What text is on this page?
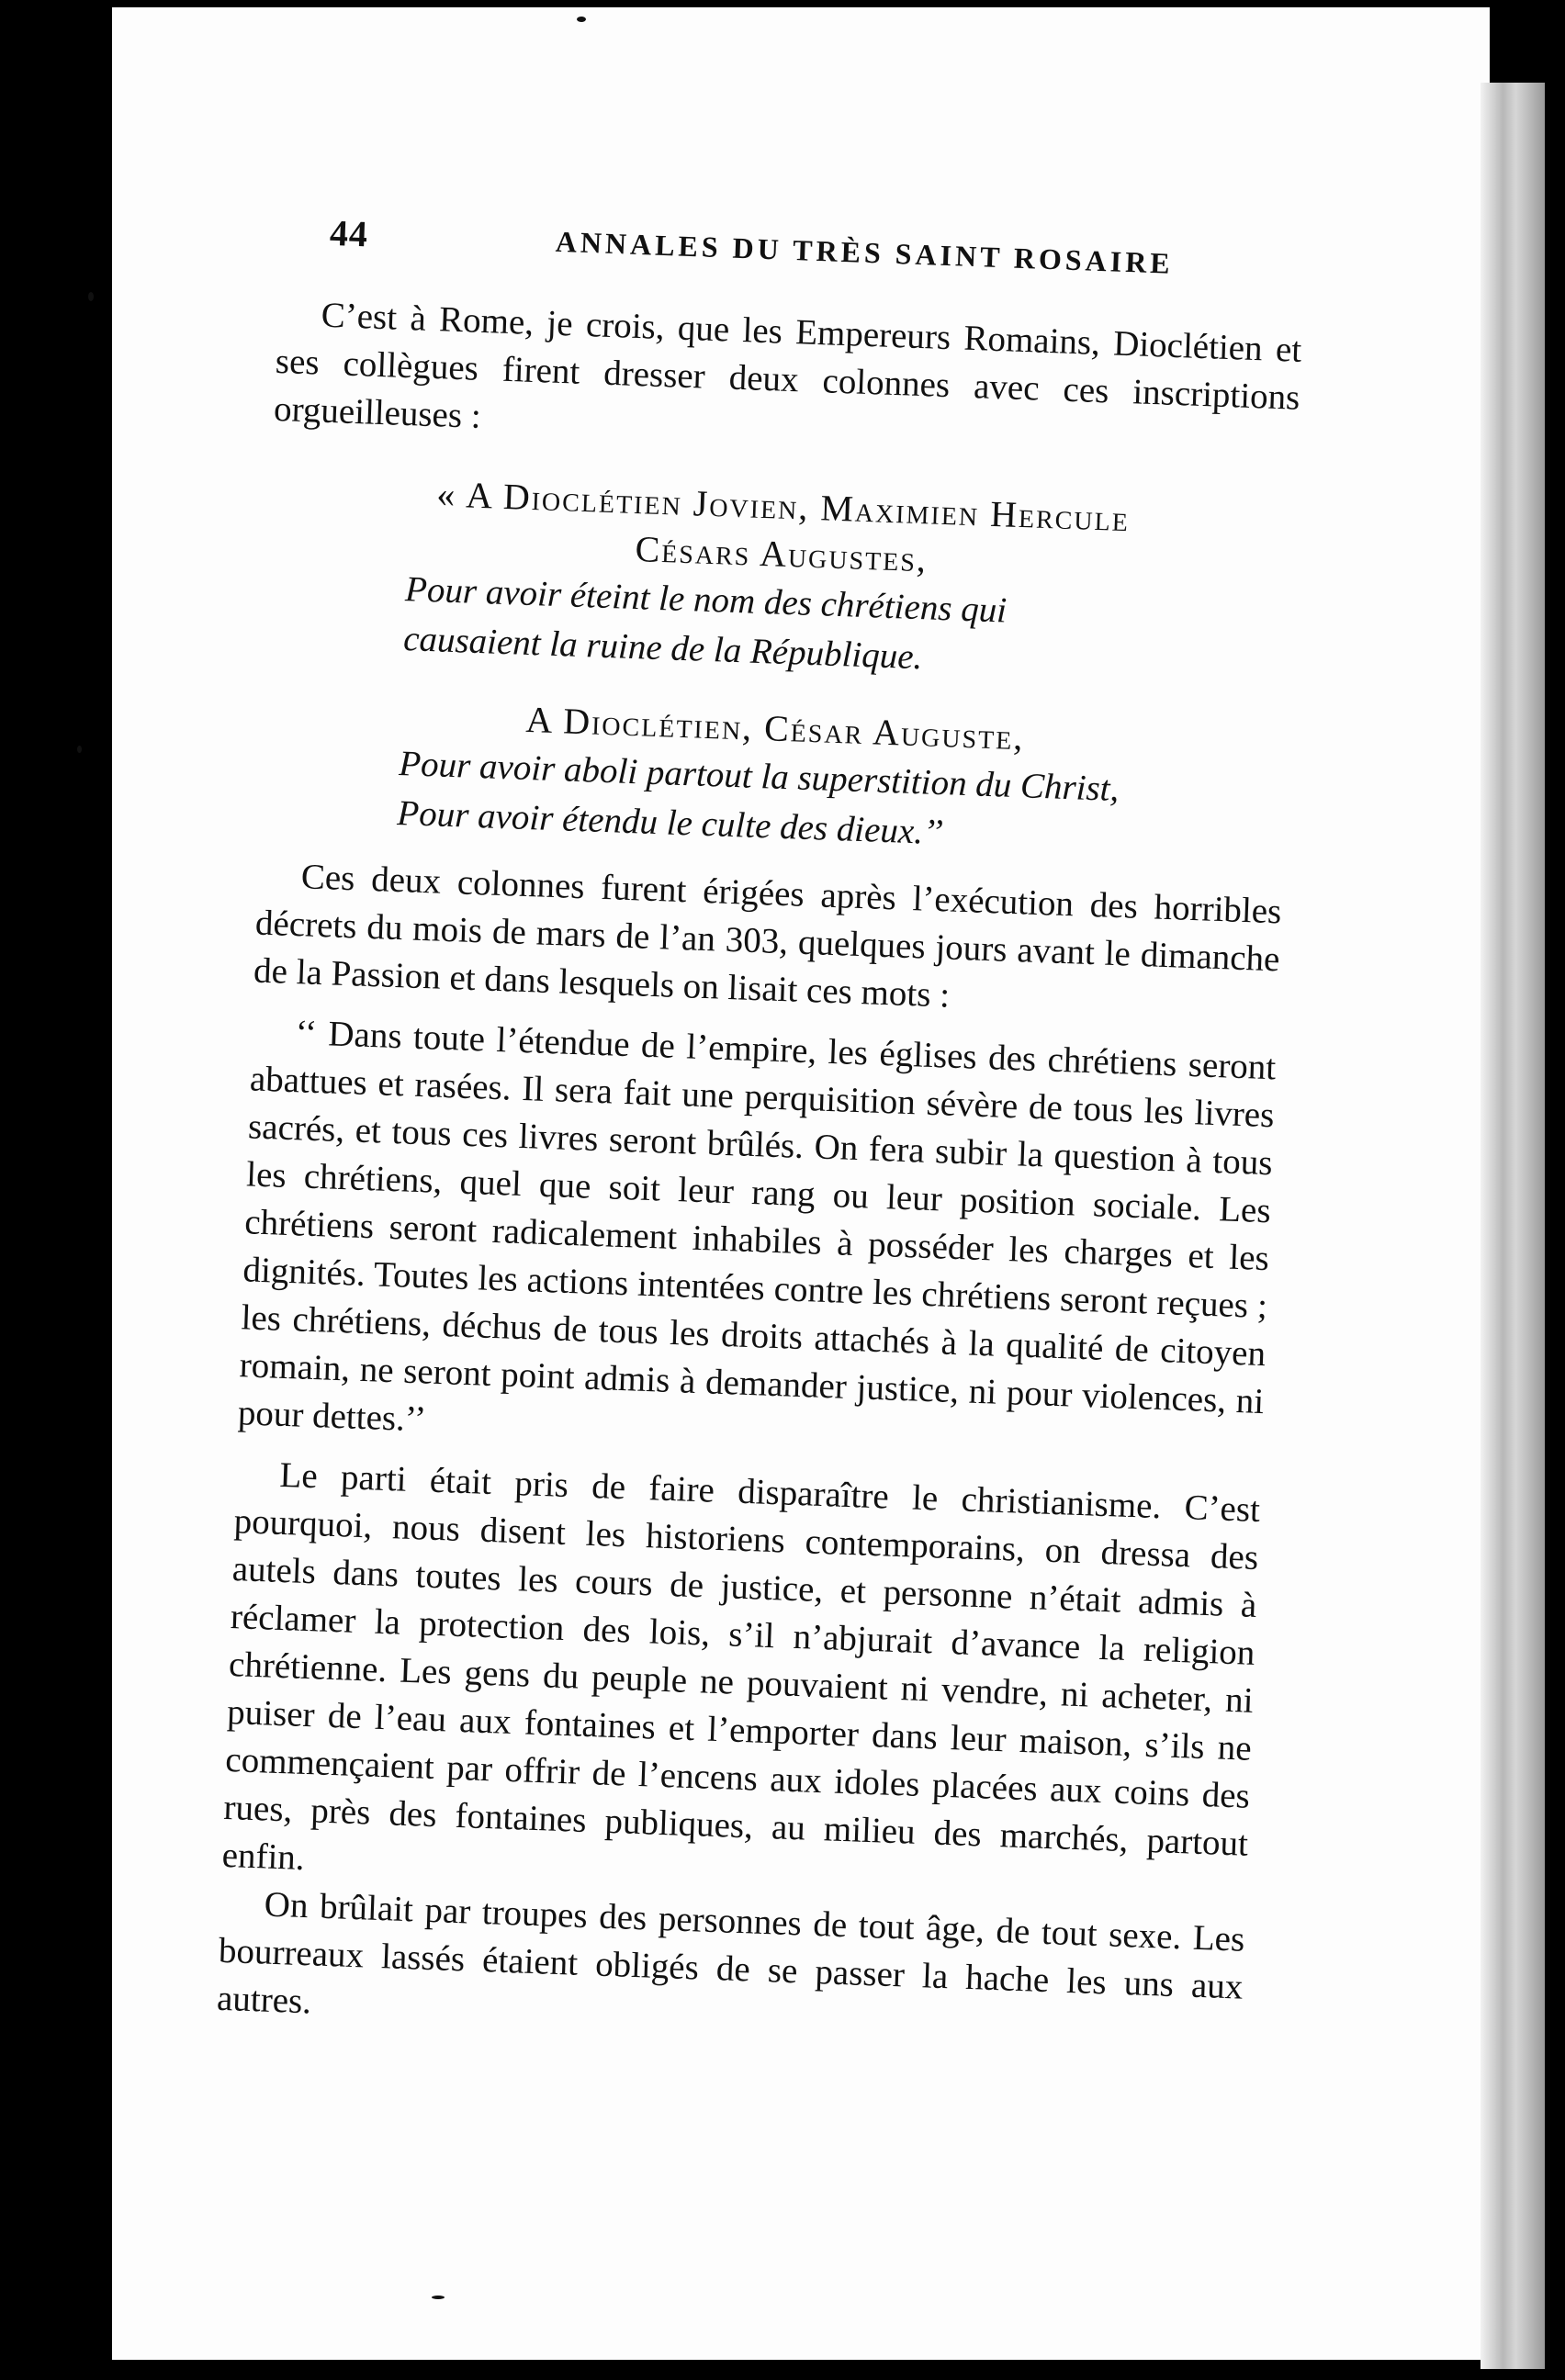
44	ANNALES DU TRÈS SAINT ROSAIRE

C’est à Rome, je crois, que les Empereurs Romains, Dioclétien et ses collègues firent dresser deux colonnes avec ces inscriptions orgueilleuses :

« A Dioclétien Jovien, Maximien Hercule
Césars Augustes,
Pour avoir éteint le nom des chrétiens qui
causaient la ruine de la République.
A Dioclétien, César Auguste,
Pour avoir aboli partout la superstition du Christ,
Pour avoir étendu le culte des dieux.’’

Ces deux colonnes furent érigées après l’exécution des horribles décrets du mois de mars de l’an 303, quelques jours avant le dimanche de la Passion et dans lesquels on lisait ces mots :

‘‘ Dans toute l’étendue de l’empire, les églises des chrétiens seront abattues et rasées. Il sera fait une perquisition sévère de tous les livres sacrés, et tous ces livres seront brûlés. On fera subir la question à tous les chrétiens, quel que soit leur rang ou leur position sociale. Les chrétiens seront radicalement inhabiles à posséder les charges et les dignités. Toutes les actions intentées contre les chrétiens seront reçues ; les chrétiens, déchus de tous les droits attachés à la qualité de citoyen romain, ne seront point admis à demander justice, ni pour violences, ni pour dettes.’’

Le parti était pris de faire disparaître le christianisme. C’est pourquoi, nous disent les historiens contemporains, on dressa des autels dans toutes les cours de justice, et personne n’était admis à réclamer la protection des lois, s’il n’abjurait d’avance la religion chrétienne. Les gens du peuple ne pouvaient ni vendre, ni acheter, ni puiser de l’eau aux fontaines et l’emporter dans leur maison, s’ils ne commençaient par offrir de l’encens aux idoles placées aux coins des rues, près des fontaines publiques, au milieu des marchés, partout enfin.

On brûlait par troupes des personnes de tout âge, de tout sexe. Les bourreaux lassés étaient obligés de se passer la hache les uns aux autres.
